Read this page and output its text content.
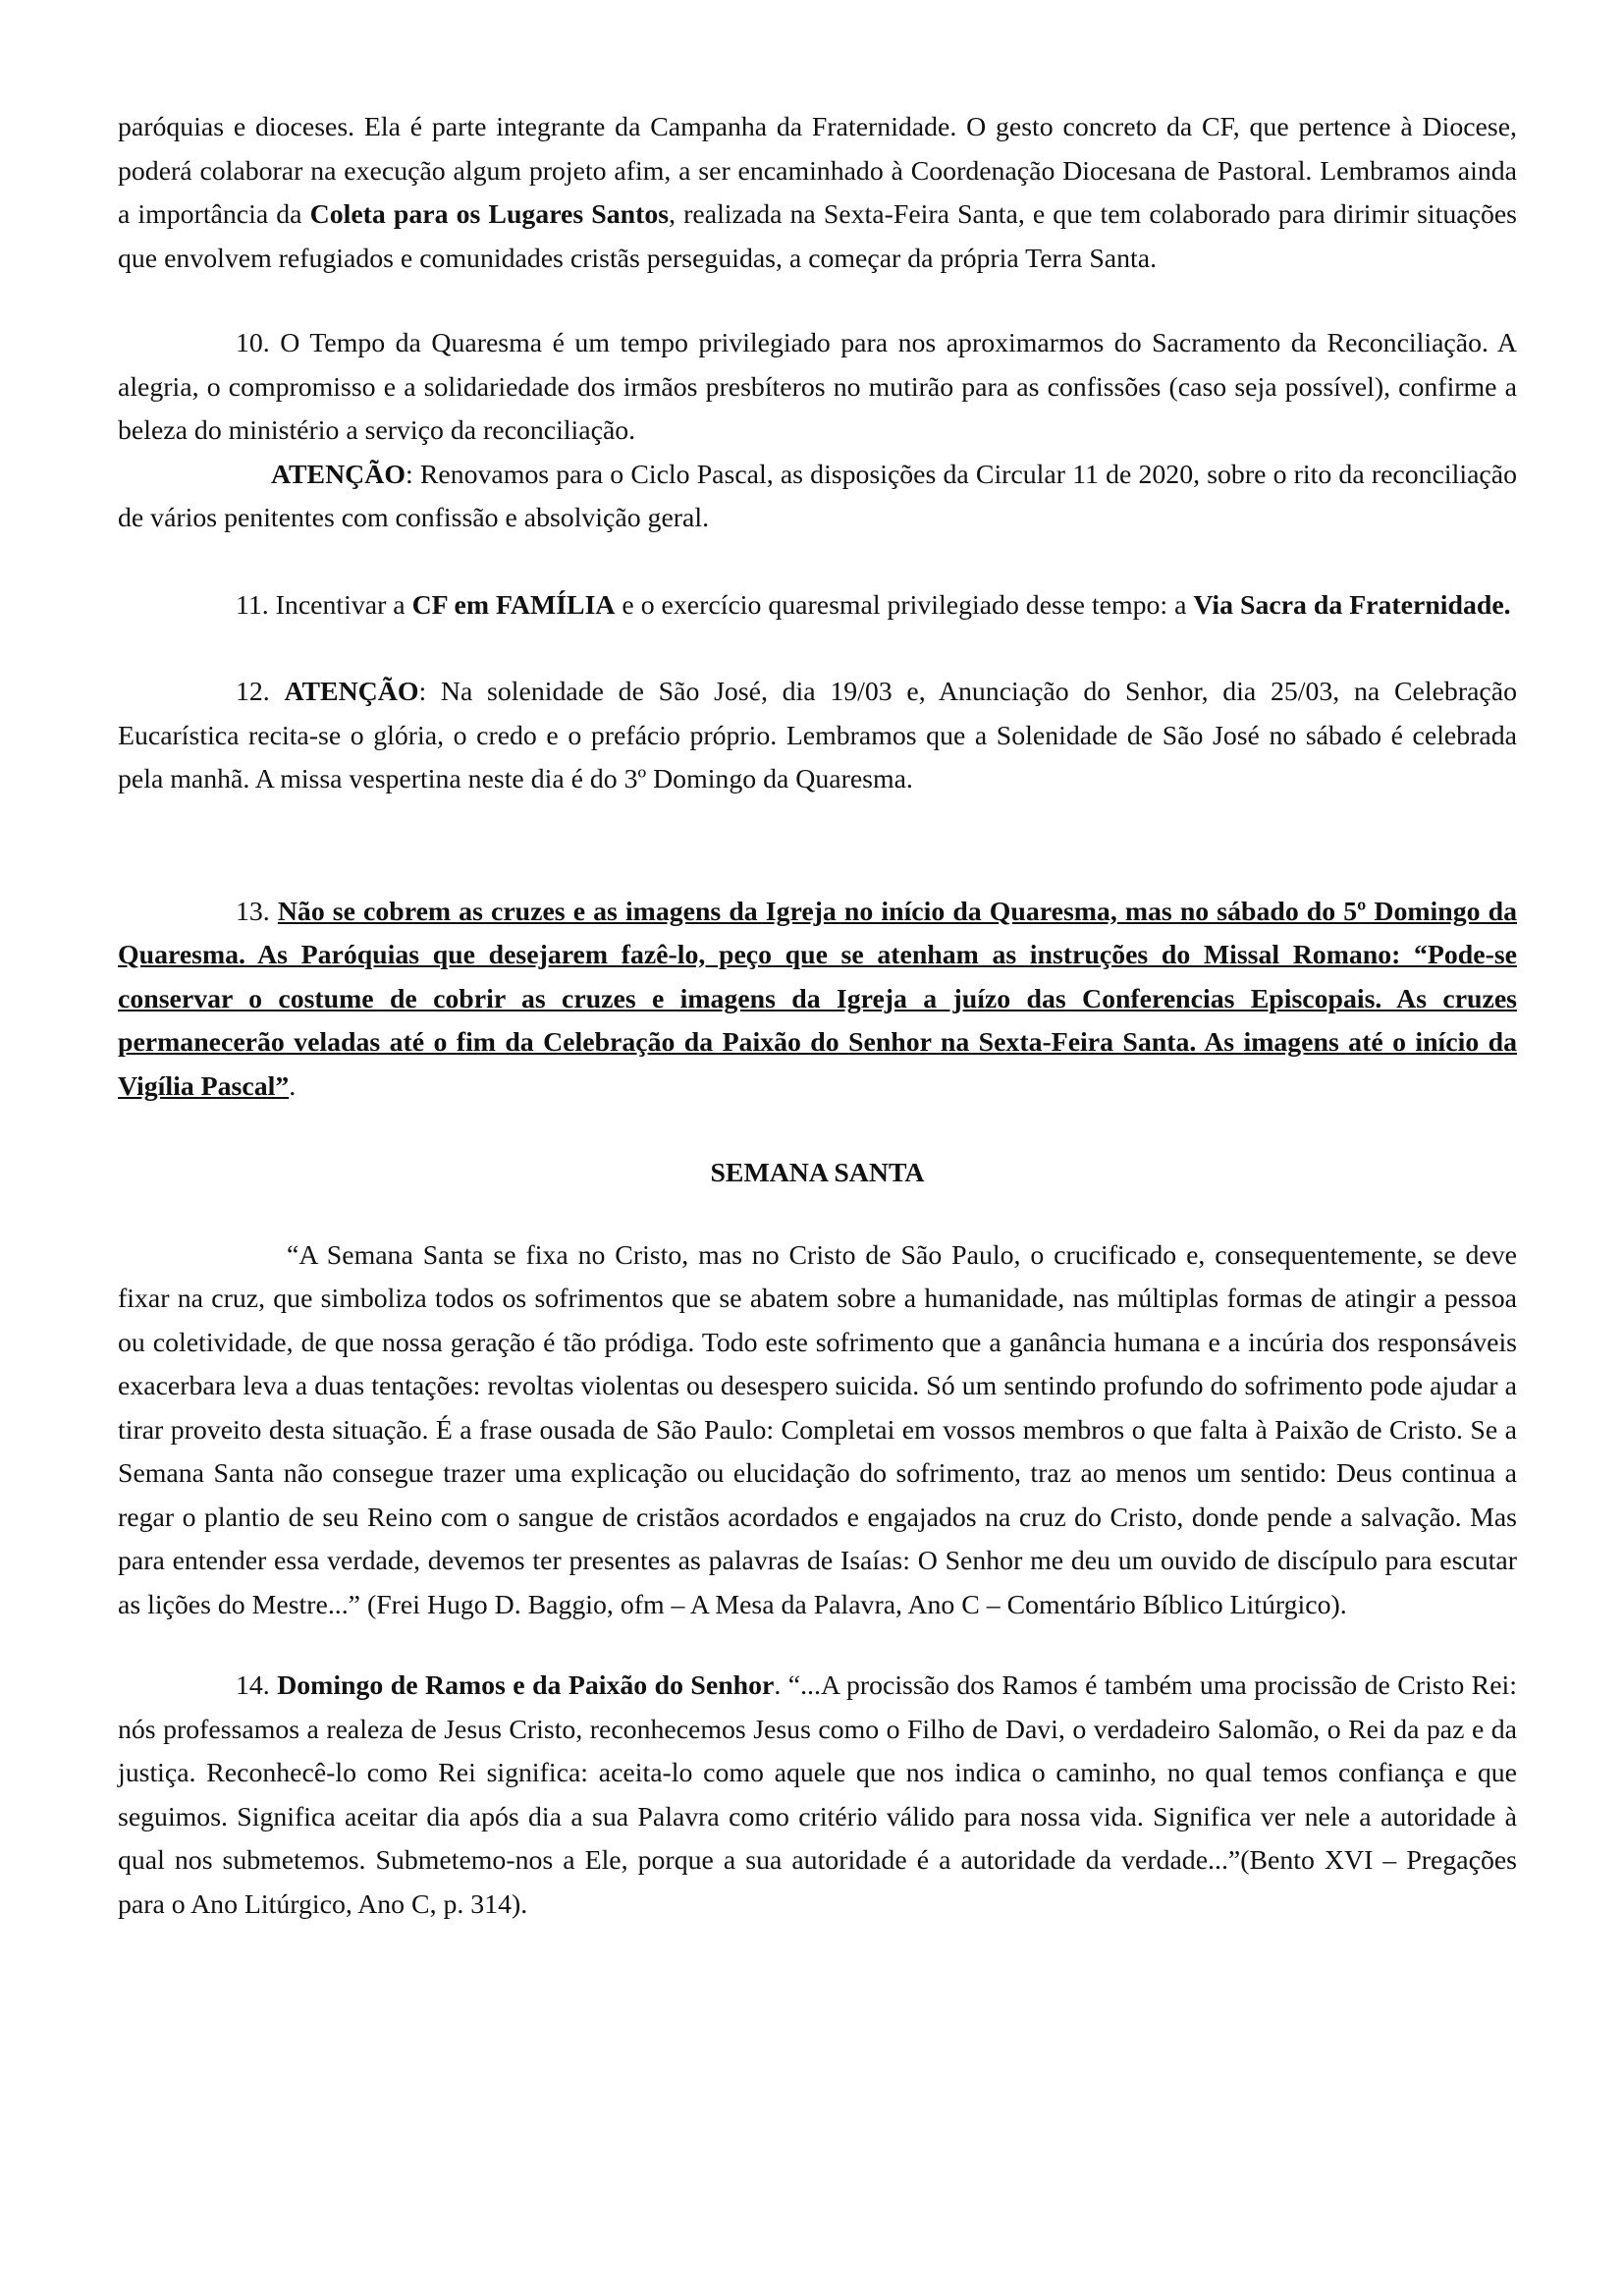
paróquias e dioceses. Ela é parte integrante da Campanha da Fraternidade. O gesto concreto da CF, que pertence à Diocese, poderá colaborar na execução algum projeto afim, a ser encaminhado à Coordenação Diocesana de Pastoral. Lembramos ainda a importância da Coleta para os Lugares Santos, realizada na Sexta-Feira Santa, e que tem colaborado para dirimir situações que envolvem refugiados e comunidades cristãs perseguidas, a começar da própria Terra Santa.

10. O Tempo da Quaresma é um tempo privilegiado para nos aproximarmos do Sacramento da Reconciliação. A alegria, o compromisso e a solidariedade dos irmãos presbíteros no mutirão para as confissões (caso seja possível), confirme a beleza do ministério a serviço da reconciliação.

ATENÇÃO: Renovamos para o Ciclo Pascal, as disposições da Circular 11 de 2020, sobre o rito da reconciliação de vários penitentes com confissão e absolvição geral.

11. Incentivar a CF em FAMÍLIA e o exercício quaresmal privilegiado desse tempo: a Via Sacra da Fraternidade.

12. ATENÇÃO: Na solenidade de São José, dia 19/03 e, Anunciação do Senhor, dia 25/03, na Celebração Eucarística recita-se o glória, o credo e o prefácio próprio. Lembramos que a Solenidade de São José no sábado é celebrada pela manhã. A missa vespertina neste dia é do 3º Domingo da Quaresma.

13. Não se cobrem as cruzes e as imagens da Igreja no início da Quaresma, mas no sábado do 5º Domingo da Quaresma. As Paróquias que desejarem fazê-lo, peço que se atenham as instruções do Missal Romano: “Pode-se conservar o costume de cobrir as cruzes e imagens da Igreja a juízo das Conferencias Episcopais. As cruzes permanecerão veladas até o fim da Celebração da Paixão do Senhor na Sexta-Feira Santa. As imagens até o início da Vigília Pascal”.

SEMANA SANTA

“A Semana Santa se fixa no Cristo, mas no Cristo de São Paulo, o crucificado e, consequentemente, se deve fixar na cruz, que simboliza todos os sofrimentos que se abatem sobre a humanidade, nas múltiplas formas de atingir a pessoa ou coletividade, de que nossa geração é tão pródiga. Todo este sofrimento que a ganância humana e a incúria dos responsáveis exacerbara leva a duas tentações: revoltas violentas ou desespero suicida. Só um sentindo profundo do sofrimento pode ajudar a tirar proveito desta situação. É a frase ousada de São Paulo: Completai em vossos membros o que falta à Paixão de Cristo. Se a Semana Santa não consegue trazer uma explicação ou elucidação do sofrimento, traz ao menos um sentido: Deus continua a regar o plantio de seu Reino com o sangue de cristãos acordados e engajados na cruz do Cristo, donde pende a salvação. Mas para entender essa verdade, devemos ter presentes as palavras de Isaías: O Senhor me deu um ouvido de discípulo para escutar as lições do Mestre...” (Frei Hugo D. Baggio, ofm – A Mesa da Palavra, Ano C – Comentário Bíblico Litúrgico).

14. Domingo de Ramos e da Paixão do Senhor. “...A procissão dos Ramos é também uma procissão de Cristo Rei: nós professamos a realeza de Jesus Cristo, reconhecemos Jesus como o Filho de Davi, o verdadeiro Salomão, o Rei da paz e da justiça. Reconhecê-lo como Rei significa: aceita-lo como aquele que nos indica o caminho, no qual temos confiança e que seguimos. Significa aceitar dia após dia a sua Palavra como critério válido para nossa vida. Significa ver nele a autoridade à qual nos submetemos. Submetemo-nos a Ele, porque a sua autoridade é a autoridade da verdade...”(Bento XVI – Pregações para o Ano Litúrgico, Ano C, p. 314).
